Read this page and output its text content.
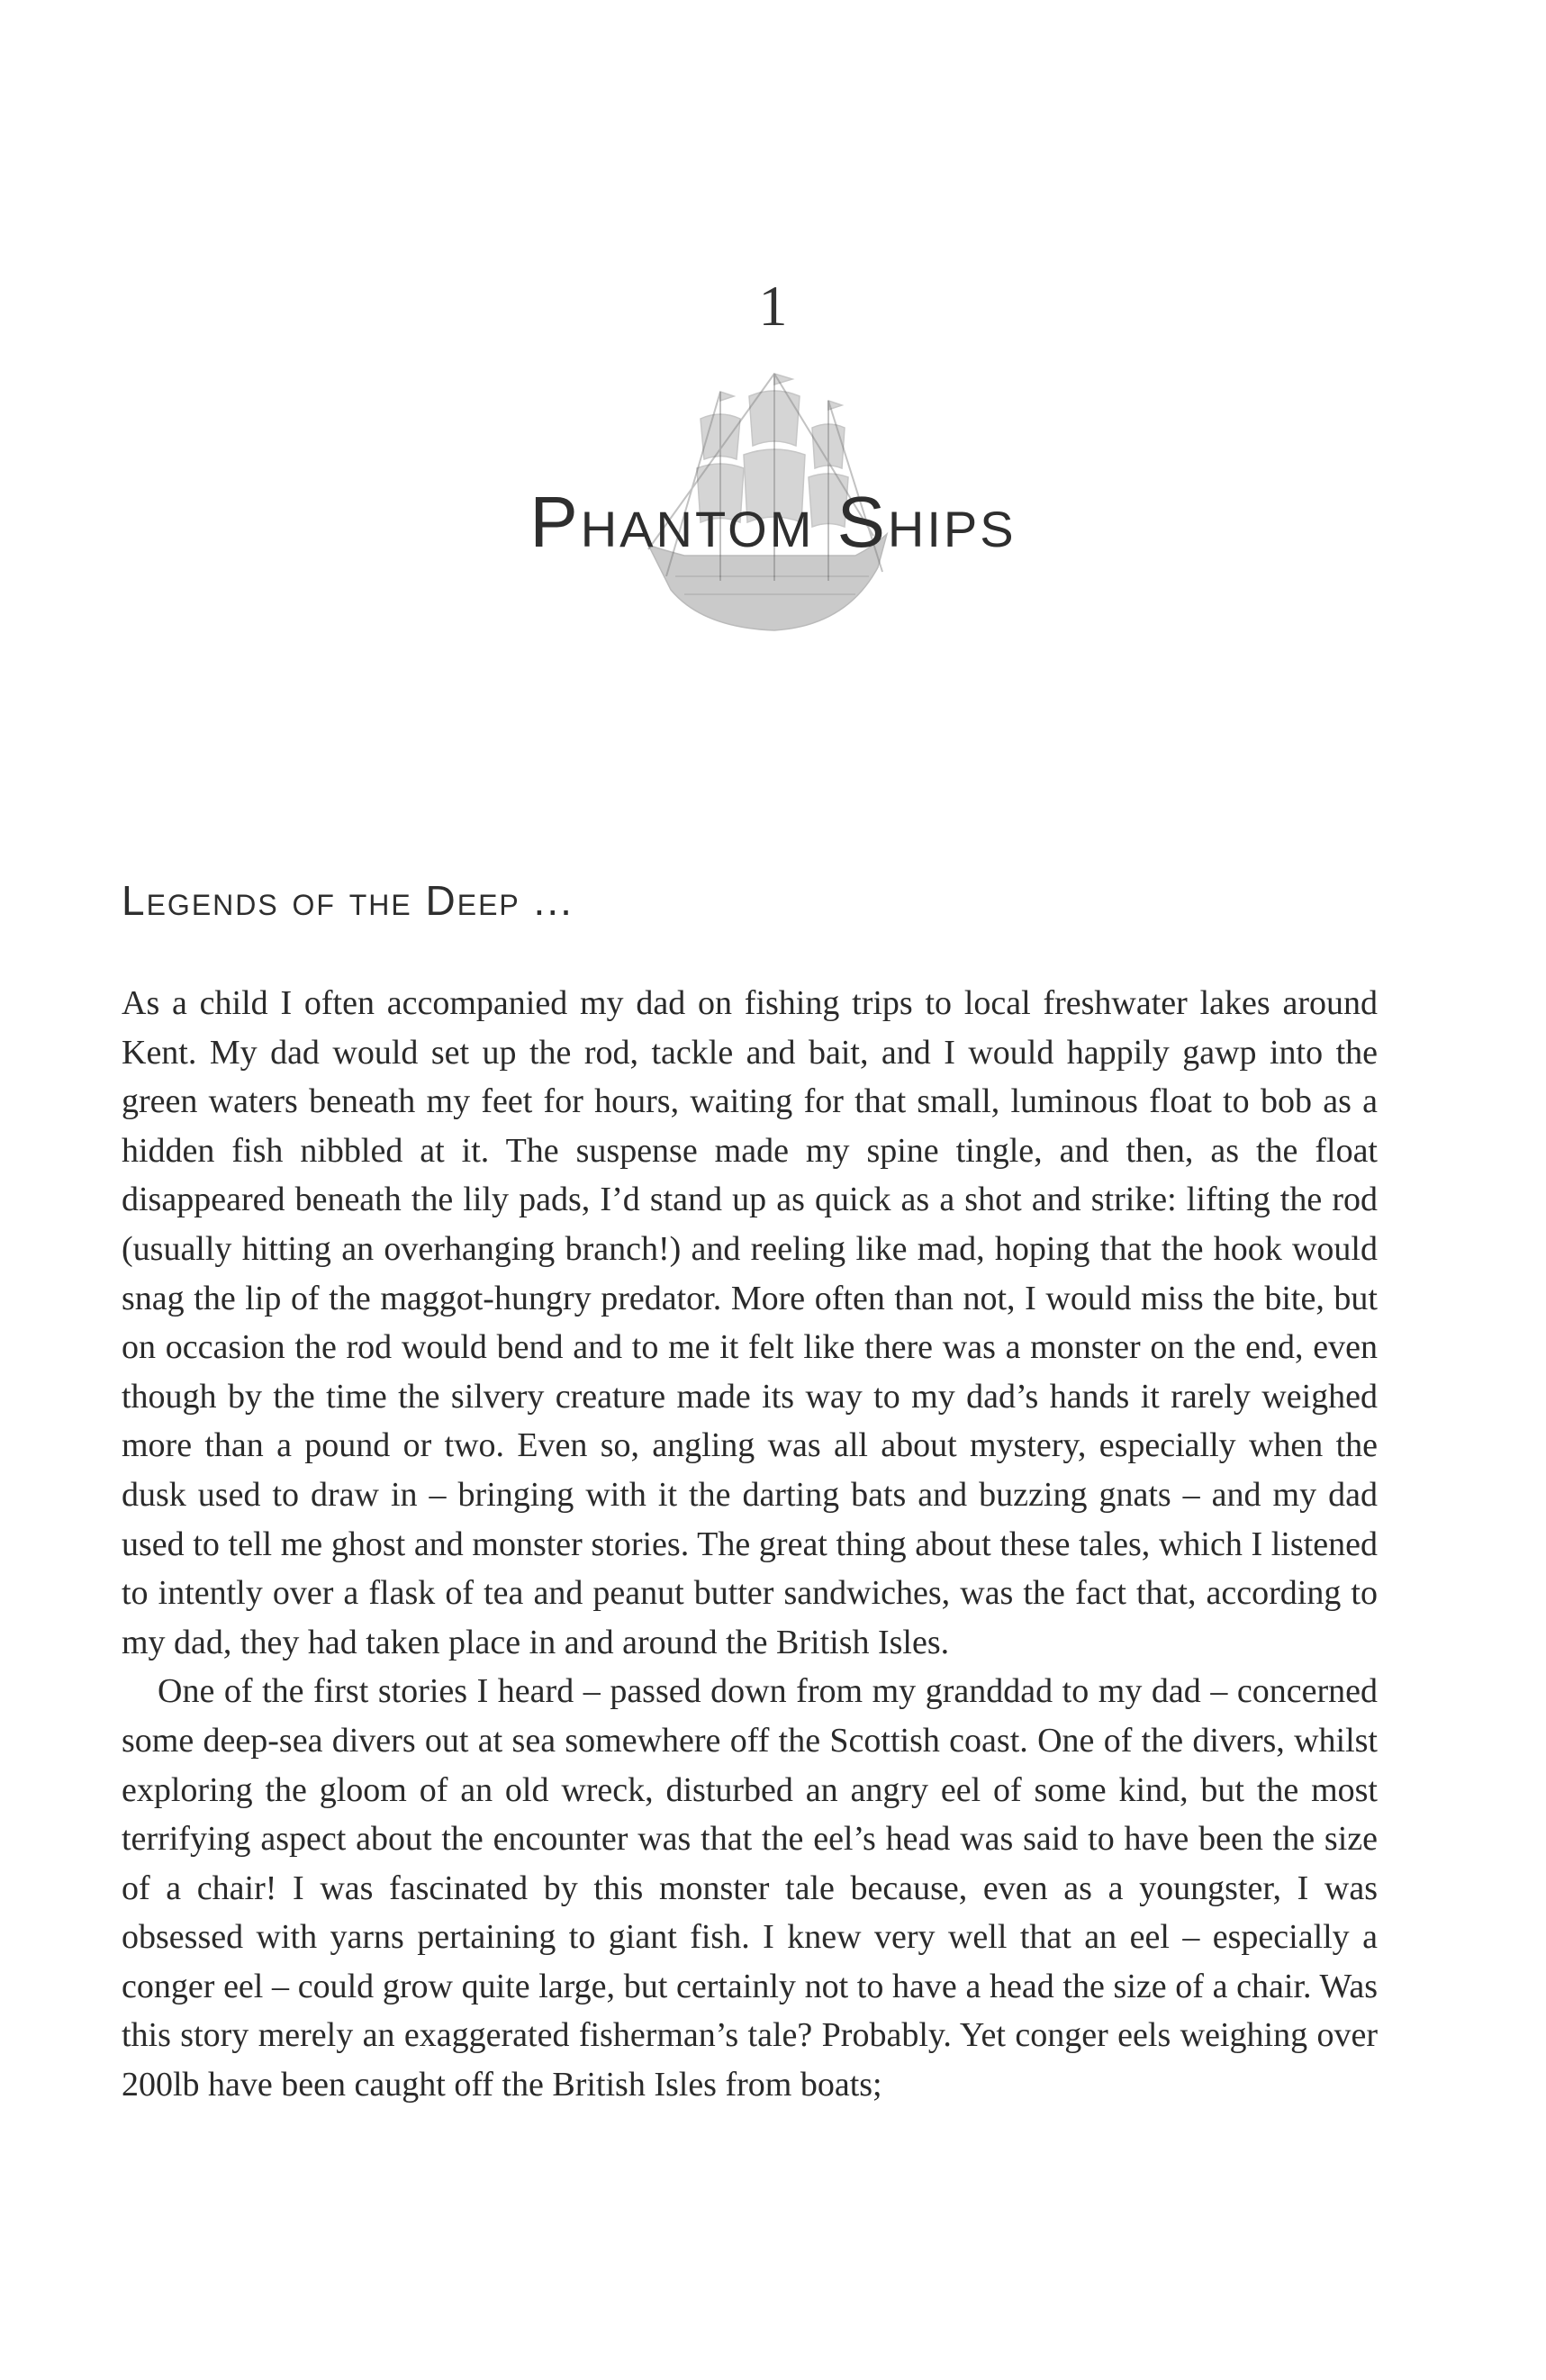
1
Phantom Ships
Legends of the Deep ...

As a child I often accompanied my dad on fishing trips to local freshwater lakes around Kent. My dad would set up the rod, tackle and bait, and I would happily gawp into the green waters beneath my feet for hours, waiting for that small, luminous float to bob as a hidden fish nibbled at it. The suspense made my spine tingle, and then, as the float disappeared beneath the lily pads, I’d stand up as quick as a shot and strike: lifting the rod (usually hitting an overhanging branch!) and reeling like mad, hoping that the hook would snag the lip of the maggot-hungry predator. More often than not, I would miss the bite, but on occasion the rod would bend and to me it felt like there was a monster on the end, even though by the time the silvery creature made its way to my dad’s hands it rarely weighed more than a pound or two. Even so, angling was all about mystery, especially when the dusk used to draw in – bringing with it the darting bats and buzzing gnats – and my dad used to tell me ghost and monster stories. The great thing about these tales, which I listened to intently over a flask of tea and peanut butter sandwiches, was the fact that, according to my dad, they had taken place in and around the British Isles.

One of the first stories I heard – passed down from my granddad to my dad – concerned some deep-sea divers out at sea somewhere off the Scottish coast. One of the divers, whilst exploring the gloom of an old wreck, disturbed an angry eel of some kind, but the most terrifying aspect about the encounter was that the eel’s head was said to have been the size of a chair! I was fascinated by this monster tale because, even as a youngster, I was obsessed with yarns pertaining to giant fish. I knew very well that an eel – especially a conger eel – could grow quite large, but certainly not to have a head the size of a chair. Was this story merely an exaggerated fisherman’s tale? Probably. Yet conger eels weighing over 200lb have been caught off the British Isles from boats;
